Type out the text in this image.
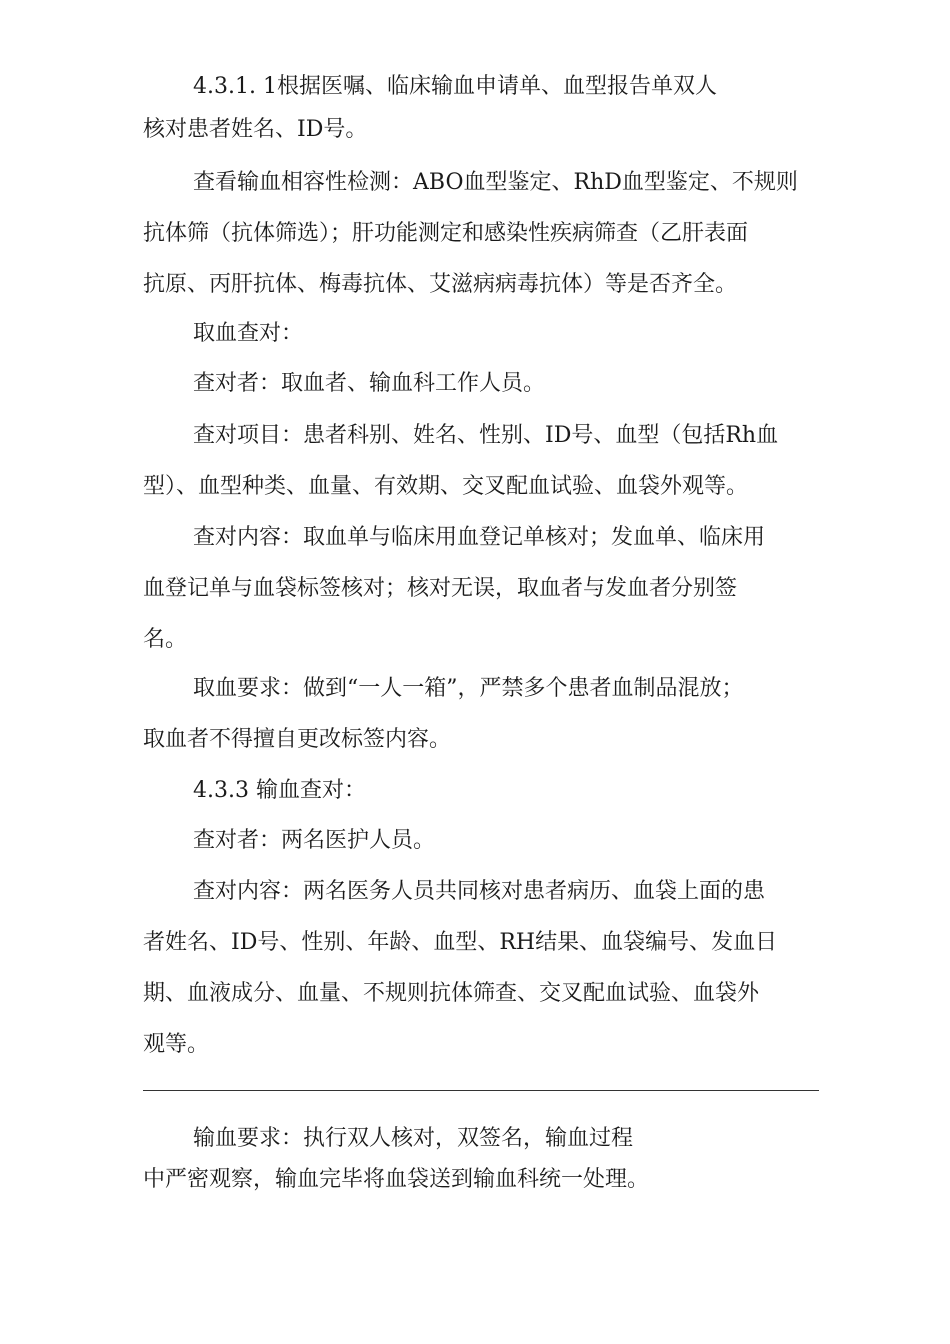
4.3.1. 1根据医嘱、临床输血申请单、血型报告单双人
核对患者姓名、ID号。

查看输血相容性检测：ABO血型鉴定、RhD血型鉴定、不规则
抗体筛（抗体筛选）；肝功能测定和感染性疾病筛查（乙肝表面
抗原、丙肝抗体、梅毒抗体、艾滋病病毒抗体）等是否齐全。

取血查对：

查对者：取血者、输血科工作人员。

查对项目：患者科别、姓名、性别、ID号、血型（包括Rh血
型）、血型种类、血量、有效期、交叉配血试验、血袋外观等。

查对内容：取血单与临床用血登记单核对；发血单、临床用
血登记单与血袋标签核对；核对无误，取血者与发血者分别签
名。

取血要求：做到“一人一箱”，严禁多个患者血制品混放；
取血者不得擅自更改标签内容。

4.3.3 输血查对：

查对者：两名医护人员。

查对内容：两名医务人员共同核对患者病历、血袋上面的患
者姓名、ID号、性别、年龄、血型、RH结果、血袋编号、发血日
期、血液成分、血量、不规则抗体筛查、交叉配血试验、血袋外
观等。

输血要求：执行双人核对，双签名，输血过程
中严密观察，输血完毕将血袋送到输血科统一处理。
